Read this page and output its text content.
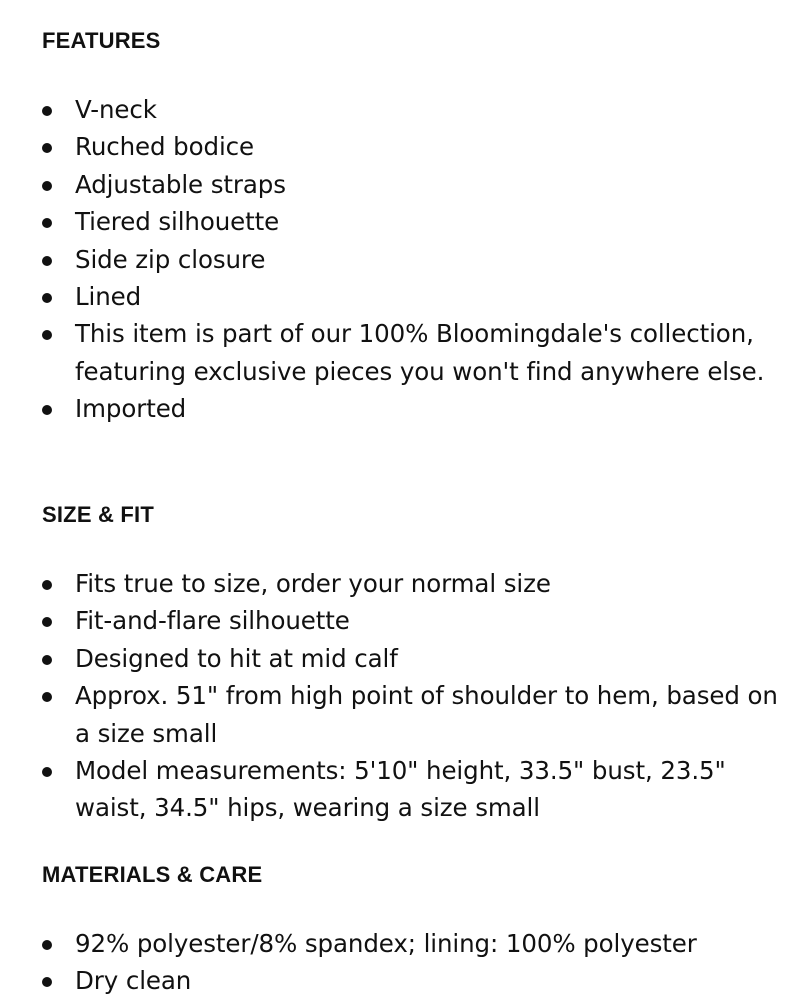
FEATURES
V-neck
Ruched bodice
Adjustable straps
Tiered silhouette
Side zip closure
Lined
This item is part of our 100% Bloomingdale's collection, featuring exclusive pieces you won't find anywhere else.
Imported
SIZE & FIT
Fits true to size, order your normal size
Fit-and-flare silhouette
Designed to hit at mid calf
Approx. 51" from high point of shoulder to hem, based on a size small
Model measurements: 5'10" height, 33.5" bust, 23.5" waist, 34.5" hips, wearing a size small
MATERIALS & CARE
92% polyester/8% spandex; lining: 100% polyester
Dry clean
